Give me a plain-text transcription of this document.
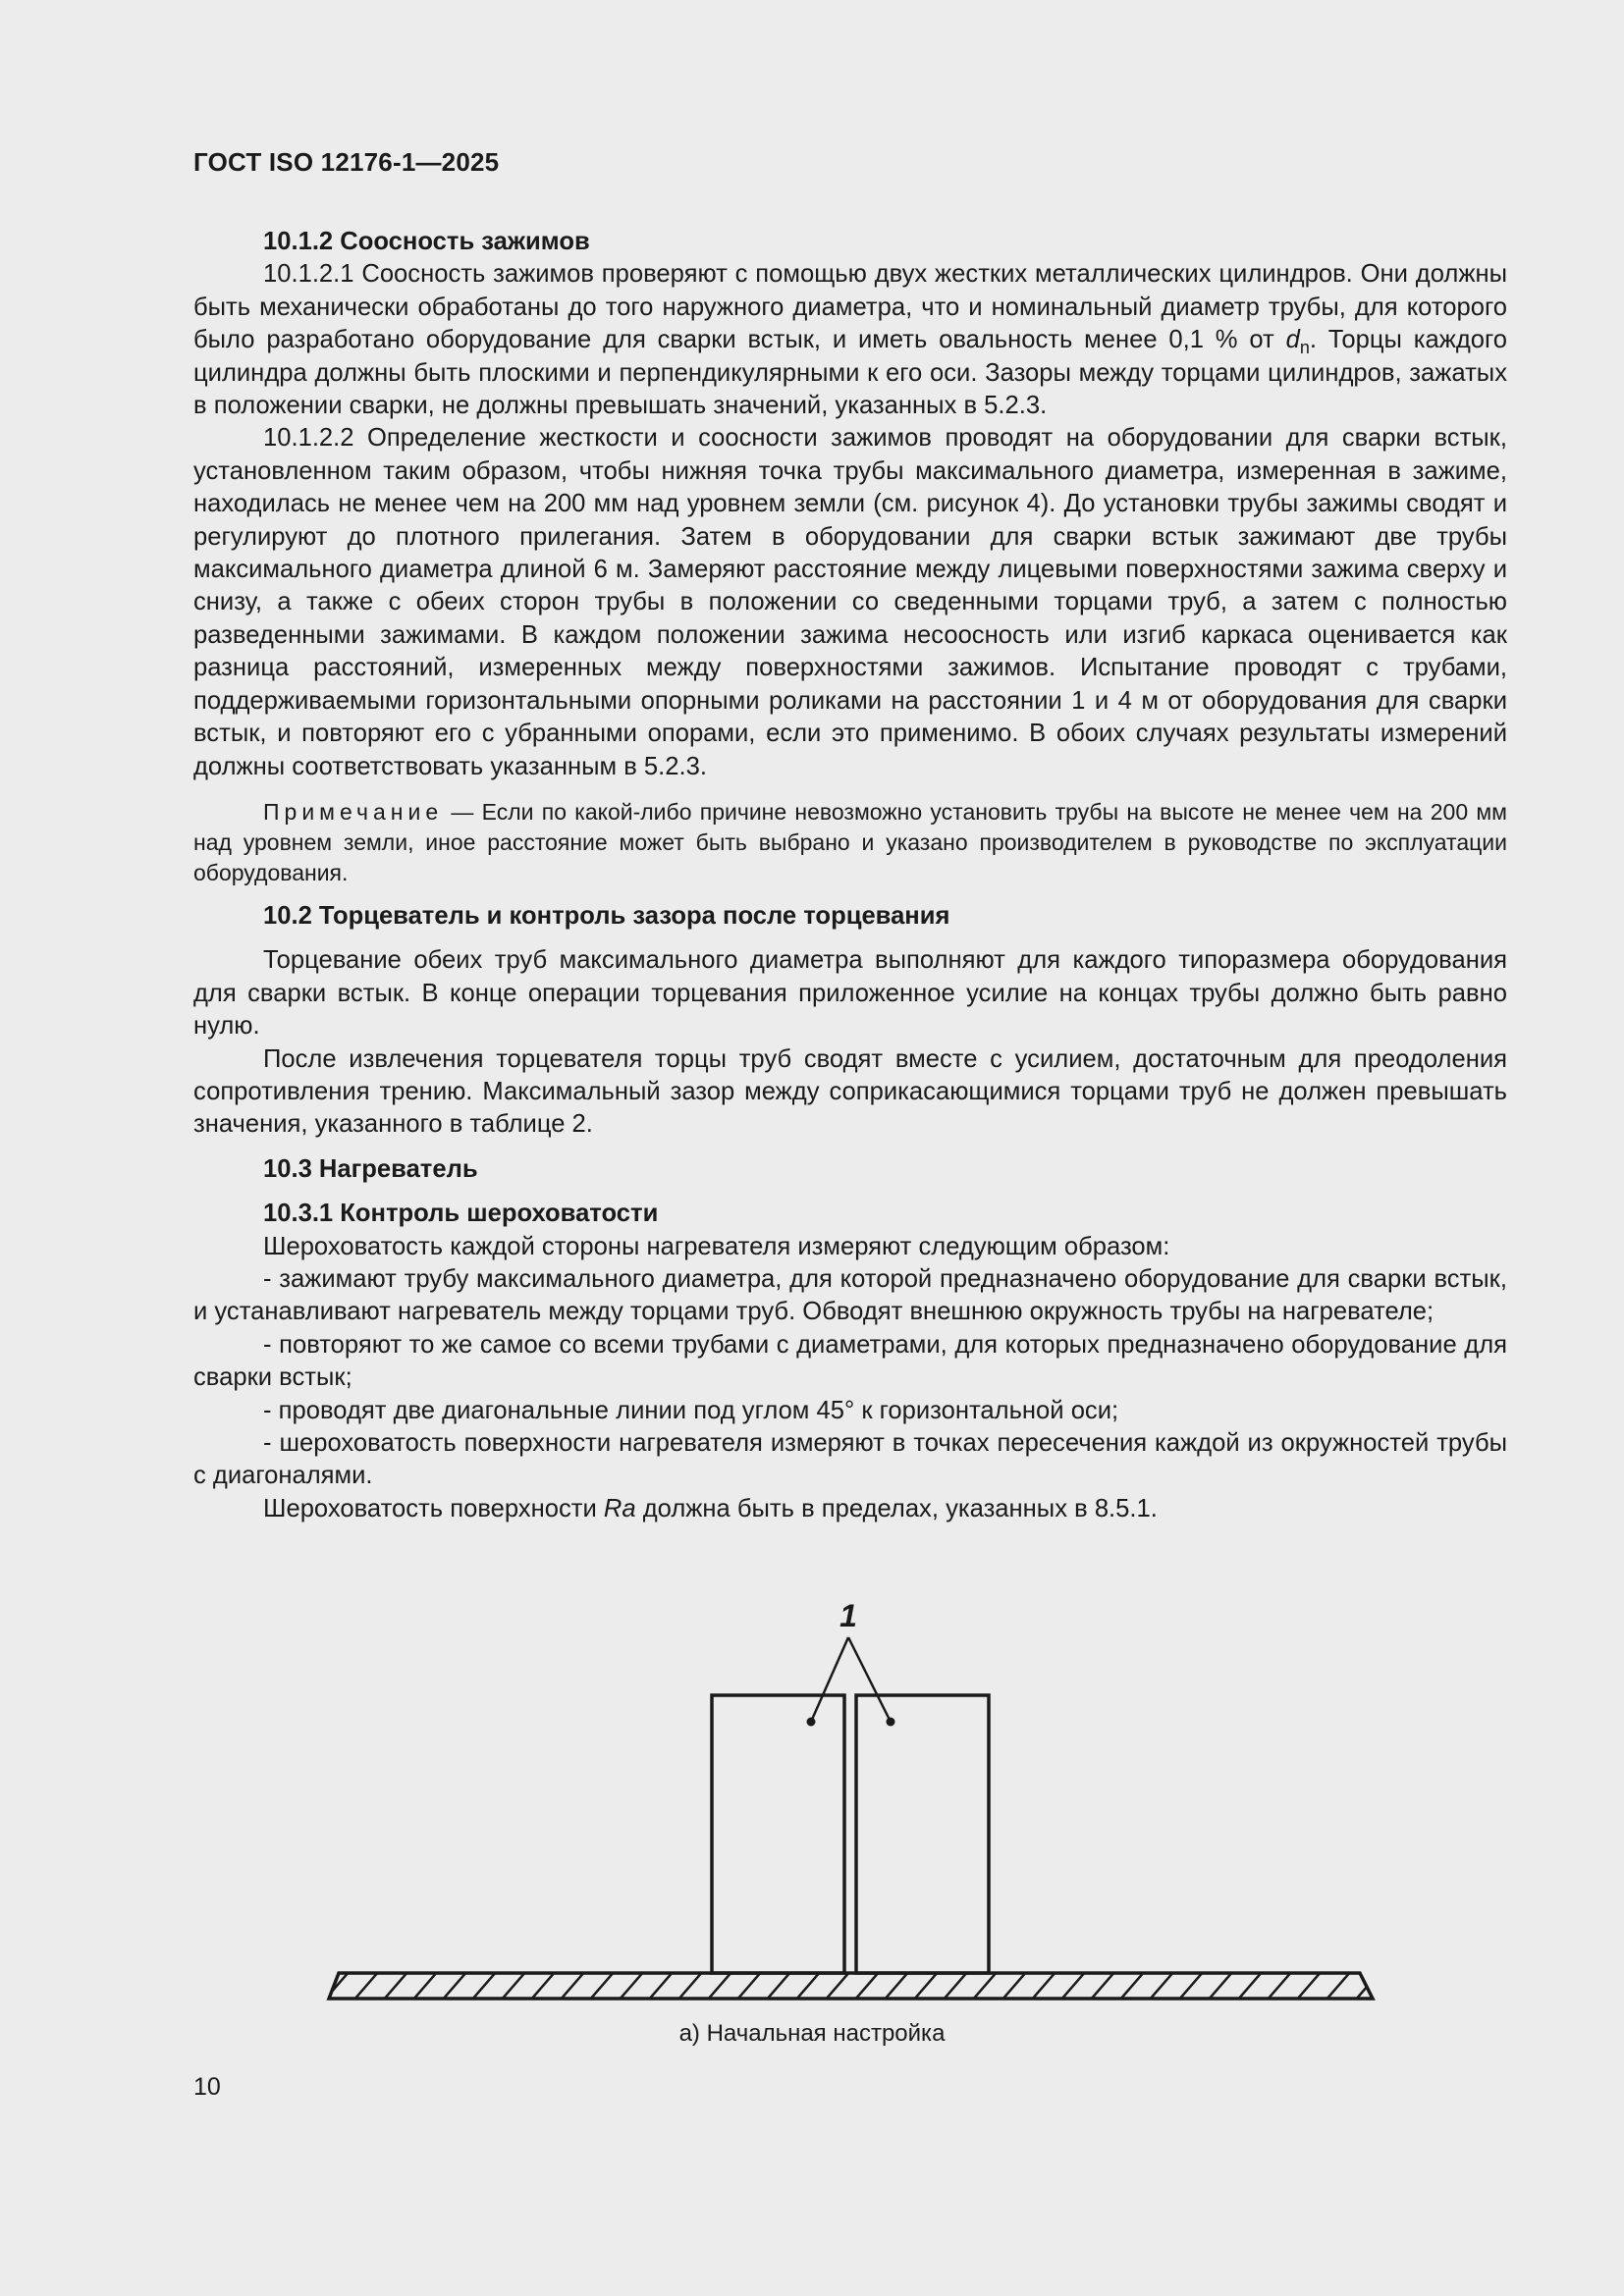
ГОСТ ISO 12176-1—2025
10.1.2 Соосность зажимов

10.1.2.1 Соосность зажимов проверяют с помощью двух жестких металлических цилиндров. Они должны быть механически обработаны до того наружного диаметра, что и номинальный диаметр трубы, для которого было разработано оборудование для сварки встык, и иметь овальность менее 0,1 % от $d_n$. Торцы каждого цилиндра должны быть плоскими и перпендикулярными к его оси. Зазоры между торцами цилиндров, зажатых в положении сварки, не должны превышать значений, указанных в 5.2.3.

10.1.2.2 Определение жесткости и соосности зажимов проводят на оборудовании для сварки встык, установленном таким образом, чтобы нижняя точка трубы максимального диаметра, измеренная в зажиме, находилась не менее чем на 200 мм над уровнем земли (см. рисунок 4). До установки трубы зажимы сводят и регулируют до плотного прилегания. Затем в оборудовании для сварки встык зажимают две трубы максимального диаметра длиной 6 м. Замеряют расстояние между лицевыми поверхностями зажима сверху и снизу, а также с обеих сторон трубы в положении со сведенными торцами труб, а затем с полностью разведенными зажимами. В каждом положении зажима несоосность или изгиб каркаса оценивается как разница расстояний, измеренных между поверхностями зажимов. Испытание проводят с трубами, поддерживаемыми горизонтальными опорными роликами на расстоянии 1 и 4 м от оборудования для сварки встык, и повторяют его с убранными опорами, если это применимо. В обоих случаях результаты измерений должны соответствовать указанным в 5.2.3.

Примечание — Если по какой-либо причине невозможно установить трубы на высоте не менее чем на 200 мм над уровнем земли, иное расстояние может быть выбрано и указано производителем в руководстве по эксплуатации оборудования.
10.2 Торцеватель и контроль зазора после торцевания

Торцевание обеих труб максимального диаметра выполняют для каждого типоразмера оборудования для сварки встык. В конце операции торцевания приложенное усилие на концах трубы должно быть равно нулю.

После извлечения торцевателя торцы труб сводят вместе с усилием, достаточным для преодоления сопротивления трению. Максимальный зазор между соприкасающимися торцами труб не должен превышать значения, указанного в таблице 2.

10.3 Нагреватель
10.3.1 Контроль шероховатости

Шероховатость каждой стороны нагревателя измеряют следующим образом:

- зажимают трубу максимального диаметра, для которой предназначено оборудование для сварки встык, и устанавливают нагреватель между торцами труб. Обводят внешнюю окружность трубы на нагревателе;

- повторяют то же самое со всеми трубами с диаметрами, для которых предназначено оборудование для сварки встык;

- проводят две диагональные линии под углом 45° к горизонтальной оси;

- шероховатость поверхности нагревателя измеряют в точках пересечения каждой из окружностей трубы с диагоналями.

Шероховатость поверхности Ra должна быть в пределах, указанных в 8.5.1.

1
а) Начальная настройка
10
